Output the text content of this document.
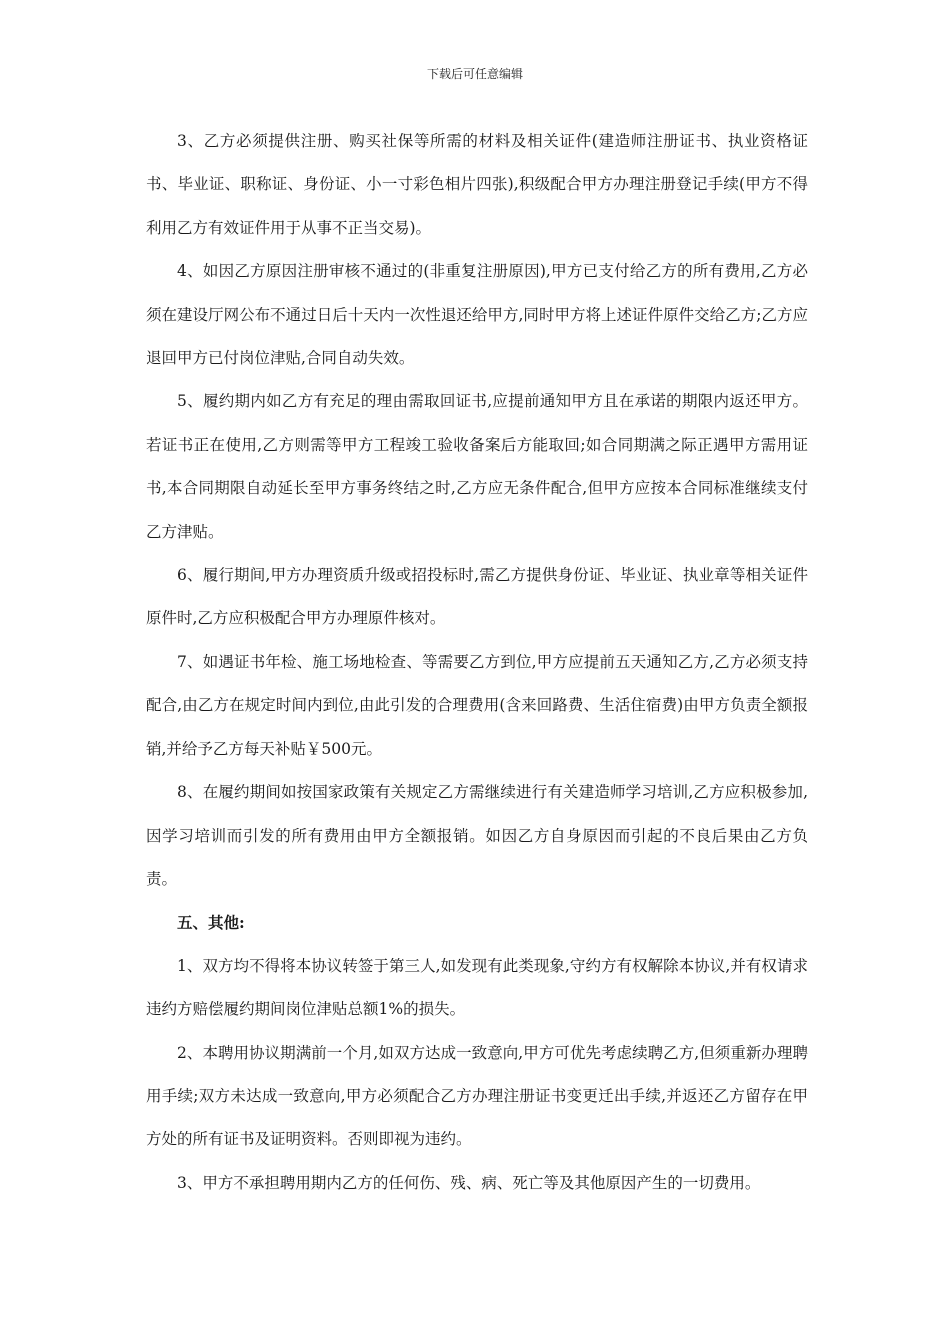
下载后可任意编辑

3、乙方必须提供注册、购买社保等所需的材料及相关证件(建造师注册证书、执业资格证书、毕业证、职称证、身份证、小一寸彩色相片四张),积级配合甲方办理注册登记手续(甲方不得利用乙方有效证件用于从事不正当交易)。

4、如因乙方原因注册审核不通过的(非重复注册原因),甲方已支付给乙方的所有费用,乙方必须在建设厅网公布不通过日后十天内一次性退还给甲方,同时甲方将上述证件原件交给乙方;乙方应退回甲方已付岗位津贴,合同自动失效。

5、履约期内如乙方有充足的理由需取回证书,应提前通知甲方且在承诺的期限内返还甲方。若证书正在使用,乙方则需等甲方工程竣工验收备案后方能取回;如合同期满之际正遇甲方需用证书,本合同期限自动延长至甲方事务终结之时,乙方应无条件配合,但甲方应按本合同标准继续支付乙方津贴。

6、履行期间,甲方办理资质升级或招投标时,需乙方提供身份证、毕业证、执业章等相关证件原件时,乙方应积极配合甲方办理原件核对。

7、如遇证书年检、施工场地检查、等需要乙方到位,甲方应提前五天通知乙方,乙方必须支持配合,由乙方在规定时间内到位,由此引发的合理费用(含来回路费、生活住宿费)由甲方负责全额报销,并给予乙方每天补贴￥500元。

8、在履约期间如按国家政策有关规定乙方需继续进行有关建造师学习培训,乙方应积极参加,因学习培训而引发的所有费用由甲方全额报销。如因乙方自身原因而引起的不良后果由乙方负责。

五、其他:

1、双方均不得将本协议转签于第三人,如发现有此类现象,守约方有权解除本协议,并有权请求违约方赔偿履约期间岗位津贴总额1%的损失。

2、本聘用协议期满前一个月,如双方达成一致意向,甲方可优先考虑续聘乙方,但须重新办理聘用手续;双方未达成一致意向,甲方必须配合乙方办理注册证书变更迁出手续,并返还乙方留存在甲方处的所有证书及证明资料。否则即视为违约。

3、甲方不承担聘用期内乙方的任何伤、残、病、死亡等及其他原因产生的一切费用。
